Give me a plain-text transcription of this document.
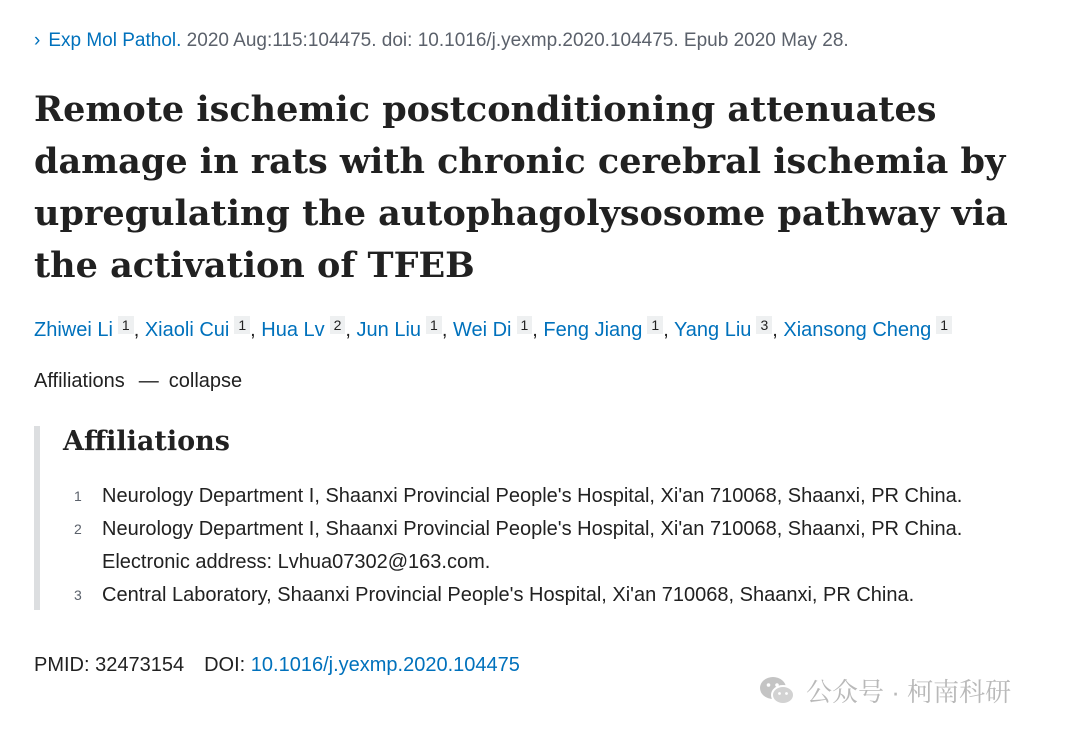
› Exp Mol Pathol. 2020 Aug:115:104475. doi: 10.1016/j.yexmp.2020.104475. Epub 2020 May 28.
Remote ischemic postconditioning attenuates damage in rats with chronic cerebral ischemia by upregulating the autophagolysosome pathway via the activation of TFEB
Zhiwei Li 1 , Xiaoli Cui 1 , Hua Lv 2 , Jun Liu 1 , Wei Di 1 , Feng Jiang 1 , Yang Liu 3 , Xiansong Cheng 1
Affiliations — collapse
Affiliations
1 Neurology Department I, Shaanxi Provincial People's Hospital, Xi'an 710068, Shaanxi, PR China.
2 Neurology Department I, Shaanxi Provincial People's Hospital, Xi'an 710068, Shaanxi, PR China.
Electronic address: Lvhua07302@163.com.
3 Central Laboratory, Shaanxi Provincial People's Hospital, Xi'an 710068, Shaanxi, PR China.
PMID: 32473154 DOI: 10.1016/j.yexmp.2020.104475
公众号 · 柯南科研
